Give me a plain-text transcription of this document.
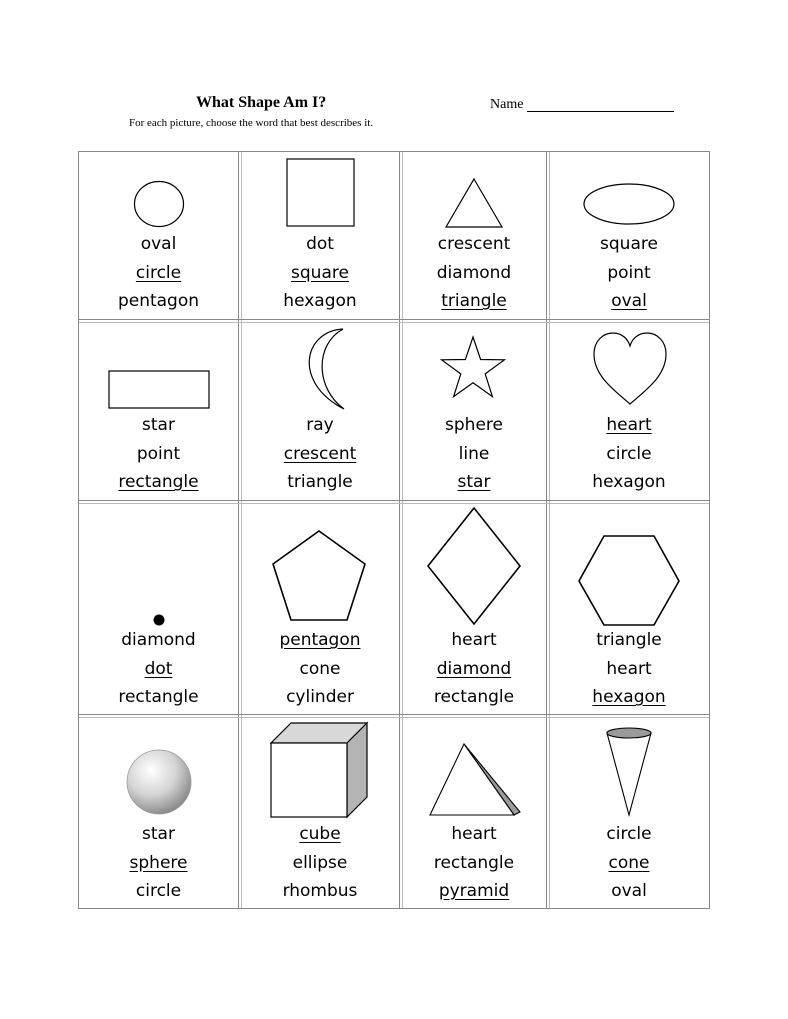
What Shape Am I?
For each picture, choose the word that best describes it.
Name
oval
circle
pentagon
dot
square
hexagon
crescent
diamond
triangle
square
point
oval
star
point
rectangle
ray
crescent
triangle
sphere
line
star
heart
circle
hexagon
diamond
dot
rectangle
pentagon
cone
cylinder
heart
diamond
rectangle
triangle
heart
hexagon
star
sphere
circle
cube
ellipse
rhombus
heart
rectangle
pyramid
circle
cone
oval
